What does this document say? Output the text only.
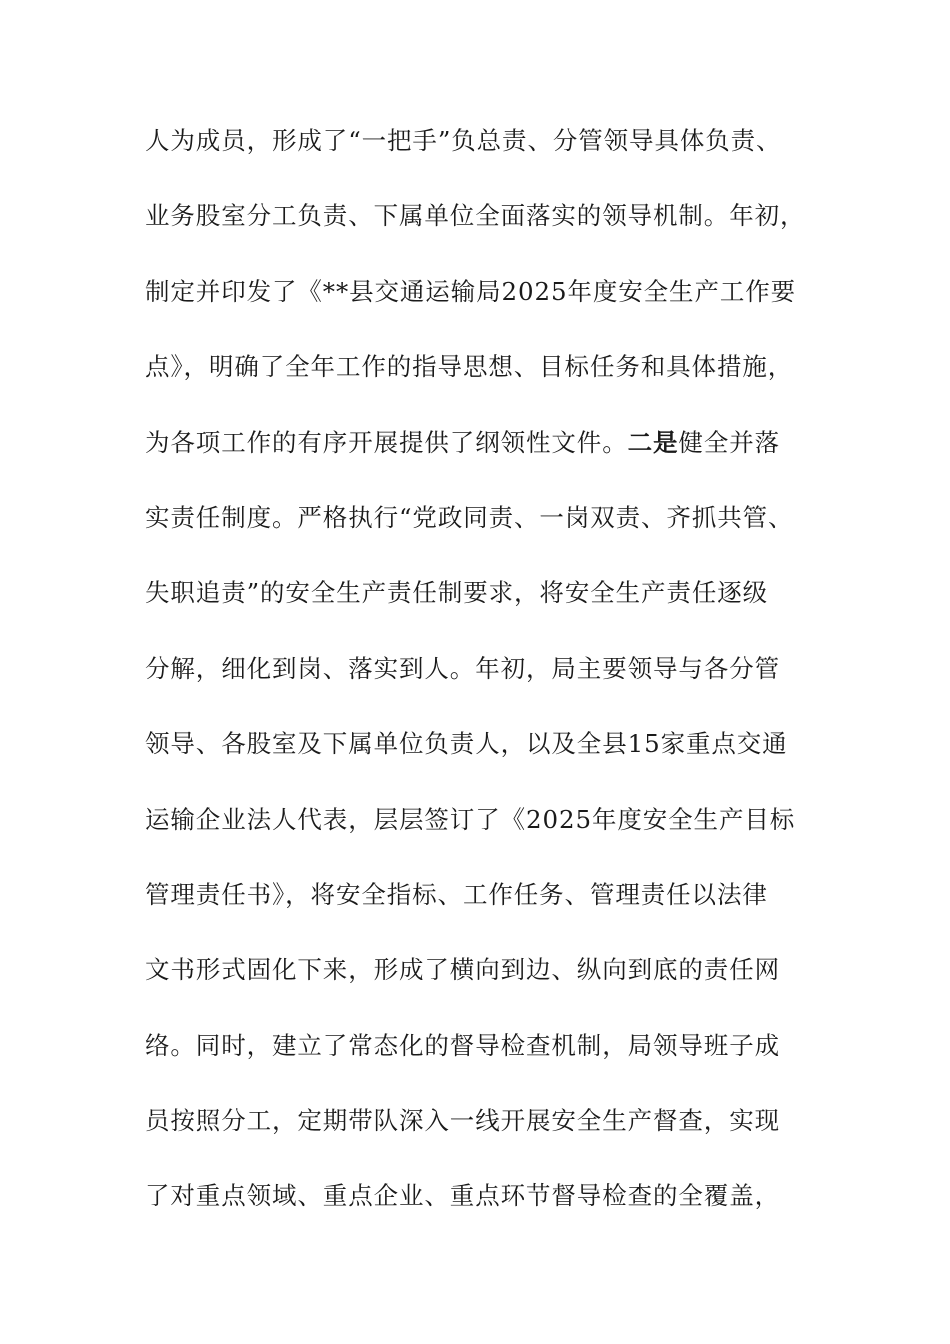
人为成员，形成了“一把手”负总责、分管领导具体负责、
业务股室分工负责、下属单位全面落实的领导机制。年初，
制定并印发了《**县交通运输局2025年度安全生产工作要
点》，明确了全年工作的指导思想、目标任务和具体措施，
为各项工作的有序开展提供了纲领性文件。二是健全并落
实责任制度。严格执行“党政同责、一岗双责、齐抓共管、
失职追责”的安全生产责任制要求，将安全生产责任逐级
分解，细化到岗、落实到人。年初，局主要领导与各分管
领导、各股室及下属单位负责人，以及全县15家重点交通
运输企业法人代表，层层签订了《2025年度安全生产目标
管理责任书》，将安全指标、工作任务、管理责任以法律
文书形式固化下来，形成了横向到边、纵向到底的责任网
络。同时，建立了常态化的督导检查机制，局领导班子成
员按照分工，定期带队深入一线开展安全生产督查，实现
了对重点领域、重点企业、重点环节督导检查的全覆盖，
